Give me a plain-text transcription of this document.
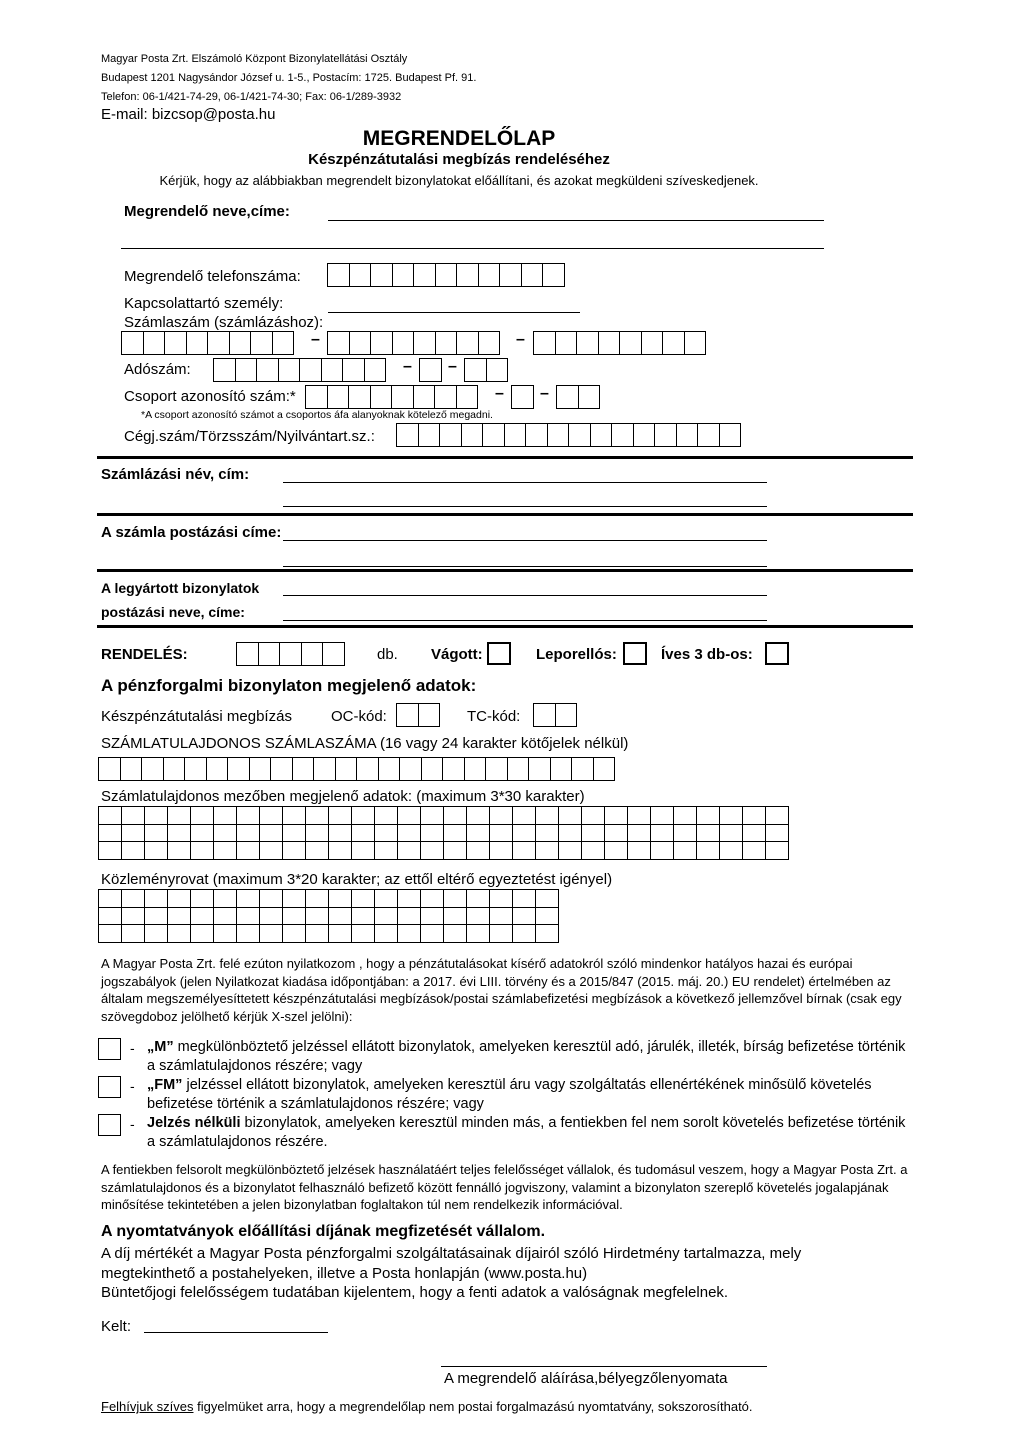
Magyar Posta Zrt. Elszámoló Központ Bizonylatellátási Osztály
Budapest 1201 Nagysándor József u. 1-5., Postacím: 1725. Budapest Pf. 91.
Telefon: 06-1/421-74-29, 06-1/421-74-30; Fax: 06-1/289-3932
E-mail: bizcsop@posta.hu
MEGRENDELŐLAP
Készpénzátutalási megbízás rendeléséhez
Kérjük, hogy az alábbiakban megrendelt bizonylatokat előállítani, és azokat megküldeni szíveskedjenek.
Megrendelő neve,címe:
Megrendelő telefonszáma:
Kapcsolattartó személy:
Számlaszám (számlázáshoz):
–	–
Adószám:	– –
Csoport azonosító szám:*	– –
*A csoport azonosító számot a csoportos áfa alanyoknak kötelező megadni.
Cégj.szám/Törzsszám/Nyilvántart.sz.:
Számlázási név, cím:
A számla postázási címe:
A legyártott bizonylatok
postázási neve, címe:
RENDELÉS:	db. Vágott:	Leporellós:	Íves 3 db-os:
A pénzforgalmi bizonylaton megjelenő adatok:
Készpénzátutalási megbízás	OC-kód:	TC-kód:
SZÁMLATULAJDONOS SZÁMLASZÁMA (16 vagy 24 karakter kötőjelek nélkül)
Számlatulajdonos mezőben megjelenő adatok: (maximum 3*30 karakter)

Közleményrovat (maximum 3*20 karakter; az ettől eltérő egyeztetést igényel)

A Magyar Posta Zrt. felé ezúton nyilatkozom , hogy a pénzátutalásokat kísérő adatokról szóló mindenkor hatályos hazai és európai jogszabályok (jelen Nyilatkozat kiadása időpontjában: a 2017. évi LIII. törvény és a 2015/847 (2015. máj. 20.) EU rendelet) értelmében az általam megszemélyesíttetett készpénzátutalási megbízások/postai számlabefizetési megbízások a következő jellemzővel bírnak (csak egy szövegdoboz jelölhető kérjük X-szel jelölni):
- „M” megkülönböztető jelzéssel ellátott bizonylatok, amelyeken keresztül adó, járulék, illeték, bírság befizetése történik a számlatulajdonos részére; vagy
- „FM” jelzéssel ellátott bizonylatok, amelyeken keresztül áru vagy szolgáltatás ellenértékének minősülő követelés befizetése történik a számlatulajdonos részére; vagy
- Jelzés nélküli bizonylatok, amelyeken keresztül minden más, a fentiekben fel nem sorolt követelés befizetése történik a számlatulajdonos részére.
A fentiekben felsorolt megkülönböztető jelzések használatáért teljes felelősséget vállalok, és tudomásul veszem, hogy a Magyar Posta Zrt. a számlatulajdonos és a bizonylatot felhasználó befizető között fennálló jogviszony, valamint a bizonylaton szereplő követelés jogalapjának minősítése tekintetében a jelen bizonylatban foglaltakon túl nem rendelkezik információval.
A nyomtatványok előállítási díjának megfizetését vállalom.
A díj mértékét a Magyar Posta pénzforgalmi szolgáltatásainak díjairól szóló Hirdetmény tartalmazza, mely
megtekinthető a postahelyeken, illetve a Posta honlapján (www.posta.hu)
Büntetőjogi felelősségem tudatában kijelentem, hogy a fenti adatok a valóságnak megfelelnek.
Kelt:
A megrendelő aláírása,bélyegzőlenyomata
Felhívjuk szíves figyelmüket arra, hogy a megrendelőlap nem postai forgalmazású nyomtatvány, sokszorosítható.
